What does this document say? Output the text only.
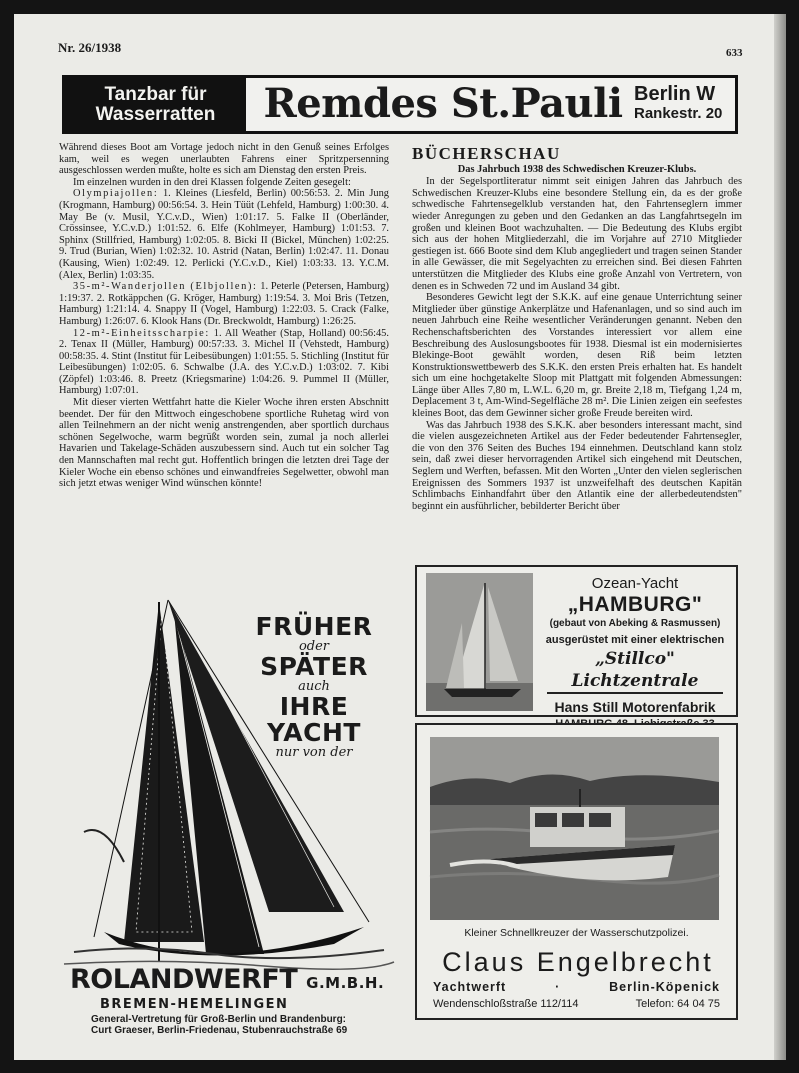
Nr. 26/1938	633
Tanzbar für
Wasserratten	Remdes St.Pauli Berlin W
Rankestr. 20

Während dieses Boot am Vortage jedoch nicht in den Genuß seines Erfolges kam, weil es wegen unerlaubten Fahrens einer Spritzpersenning ausgeschlossen werden mußte, holte es sich am Dienstag den ersten Preis.

Im einzelnen wurden in den drei Klassen folgende Zeiten gesegelt:

Olympiajollen: 1. Kleines (Liesfeld, Berlin) 00:56:53. 2. Min Jung (Krogmann, Hamburg) 00:56:54. 3. Hein Tüüt (Lehfeld, Hamburg) 1:00:30. 4. May Be (v. Musil, Y.C.v.D., Wien) 1:01:17. 5. Falke II (Oberländer, Crössinsee, Y.C.v.D.) 1:01:52. 6. Elfe (Kohlmeyer, Hamburg) 1:01:53. 7. Sphinx (Stillfried, Hamburg) 1:02:05. 8. Bicki II (Bickel, München) 1:02:25. 9. Trud (Burian, Wien) 1:02:32. 10. Astrid (Natan, Berlin) 1:02:47. 11. Donau (Kausing, Wien) 1:02:49. 12. Perlicki (Y.C.v.D., Kiel) 1:03:33. 13. Y.C.M. (Alex, Berlin) 1:03:35.

35-m²-Wanderjollen (Elbjollen): 1. Peterle (Petersen, Hamburg) 1:19:37. 2. Rotkäppchen (G. Kröger, Hamburg) 1:19:54. 3. Moi Bris (Tetzen, Hamburg) 1:21:14. 4. Snappy II (Vogel, Hamburg) 1:22:03. 5. Crack (Falke, Hamburg) 1:26:07. 6. Klook Hans (Dr. Breckwoldt, Hamburg) 1:26:25.

12-m²-Einheitsscharpie: 1. All Weather (Stap, Holland) 00:56:45. 2. Tenax II (Müller, Hamburg) 00:57:33. 3. Michel II (Vehstedt, Hamburg) 00:58:35. 4. Stint (Institut für Leibesübungen) 1:01:55. 5. Stichling (Institut für Leibesübungen) 1:02:05. 6. Schwalbe (J.A. des Y.C.v.D.) 1:03:02. 7. Kibi (Zöpfel) 1:03:46. 8. Preetz (Kriegsmarine) 1:04:26. 9. Pummel II (Müller, Hamburg) 1:07:01.

Mit dieser vierten Wettfahrt hatte die Kieler Woche ihren ersten Abschnitt beendet. Der für den Mittwoch eingeschobene sportliche Ruhetag wird von allen Teilnehmern an der nicht wenig anstrengenden, aber sportlich durchaus schönen Segelwoche, warm begrüßt worden sein, zumal ja noch allerlei Havarien und Takelage-Schäden auszubessern sind. Auch tut ein solcher Tag den Mannschaften mal recht gut. Hoffentlich bringen die letzten drei Tage der Kieler Woche ein ebenso schönes und einwandfreies Segelwetter, obwohl man sich jetzt etwas weniger Wind wünschen könnte!

BÜCHERSCHAU
Das Jahrbuch 1938 des Schwedischen Kreuzer-Klubs.

In der Segelsportliteratur nimmt seit einigen Jahren das Jahrbuch des Schwedischen Kreuzer-Klubs eine besondere Stellung ein, da es der große schwedische Fahrtensegelklub verstanden hat, den Fahrtenseglern immer wieder Anregungen zu geben und den Gedanken an das Langfahrtsegeln im großen und kleinen Boot wachzuhalten. — Die Bedeutung des Klubs ergibt sich aus der hohen Mitgliederzahl, die im Vorjahre auf 2710 Mitglieder gestiegen ist. 666 Boote sind dem Klub angegliedert und tragen seinen Stander in alle Gewässer, die mit Segelyachten zu erreichen sind. Bei diesen Fahrten unterstützen die Mitglieder des Klubs eine große Anzahl von Vertretern, von denen es in Schweden 72 und im Ausland 34 gibt.

Besonderes Gewicht legt der S.K.K. auf eine genaue Unterrichtung seiner Mitglieder über günstige Ankerplätze und Hafenanlagen, und so sind auch im neuen Jahrbuch eine Reihe wesentlicher Veränderungen genannt. Neben den Rechenschaftsberichten des Vorstandes interessiert vor allem eine Beschreibung des Auslosungsbootes für 1938. Diesmal ist ein modernisiertes Blekinge-Boot gewählt worden, desen Riß beim letzten Konstruktionswettbewerb des S.K.K. den ersten Preis erhalten hat. Es handelt sich um eine hochgetakelte Sloop mit Plattgatt mit folgenden Abmessungen: Länge über Alles 7,80 m, L.W.L. 6,20 m, gr. Breite 2,18 m, Tiefgang 1,24 m, Deplacement 3 t, Am-Wind-Segelfläche 28 m². Die Linien zeigen ein seefestes kleines Boot, das dem Gewinner sicher große Freude bereiten wird.

Was das Jahrbuch 1938 des S.K.K. aber besonders interessant macht, sind die vielen ausgezeichneten Artikel aus der Feder bedeutender Fahrtensegler, die von den 376 Seiten des Buches 194 einnehmen. Deutschland kann stolz sein, daß zwei dieser hervorragenden Artikel sich eingehend mit Deutschen, Seglern und Werften, befassen. Mit den Worten „Unter den vielen seglerischen Ereignissen des Sommers 1937 ist unzweifelhaft des deutschen Kapitän Schlimbachs Einhandfahrt über den Atlantik eine der allerbedeutendsten" beginnt ein ausführlicher, bebilderter Bericht über

FRÜHER
oder
SPÄTER
auch
IHRE YACHT
nur von der
ROLANDWERFT G.M.B.H.
BREMEN-HEMELINGEN
General-Vertretung für Groß-Berlin und Brandenburg:
Curt Graeser, Berlin-Friedenau, Stubenrauchstraße 69
Ozean-Yacht
„HAMBURG"
(gebaut von Abeking & Rasmussen)
ausgerüstet mit einer elektrischen
„Stillco" Lichtzentrale
Hans Still Motorenfabrik
Kleiner Schnellkreuzer der Wasserschutzpolizei.
Claus Engelbrecht
Yachtwerft	·	Berlin-Köpenick
Wendenschloßstraße 112/114	Telefon: 64 04 75
